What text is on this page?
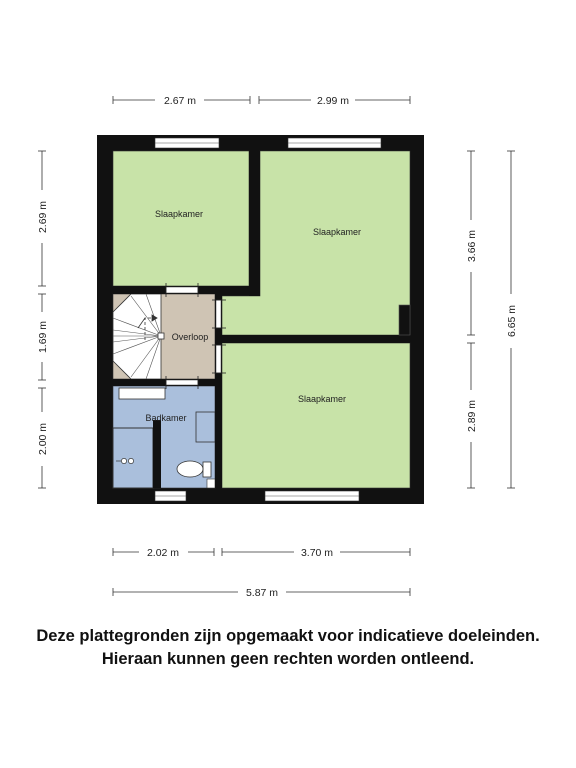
Slaapkamer
Slaapkamer
Slaapkamer
Overloop
Badkamer
2.67 m	2.99 m
2.69 m
1.69 m
2.00 m
3.66 m
2.89 m
6.65 m
2.02 m	3.70 m
5.87 m
Deze plattegronden zijn opgemaakt voor indicatieve doeleinden.
Hieraan kunnen geen rechten worden ontleend.
